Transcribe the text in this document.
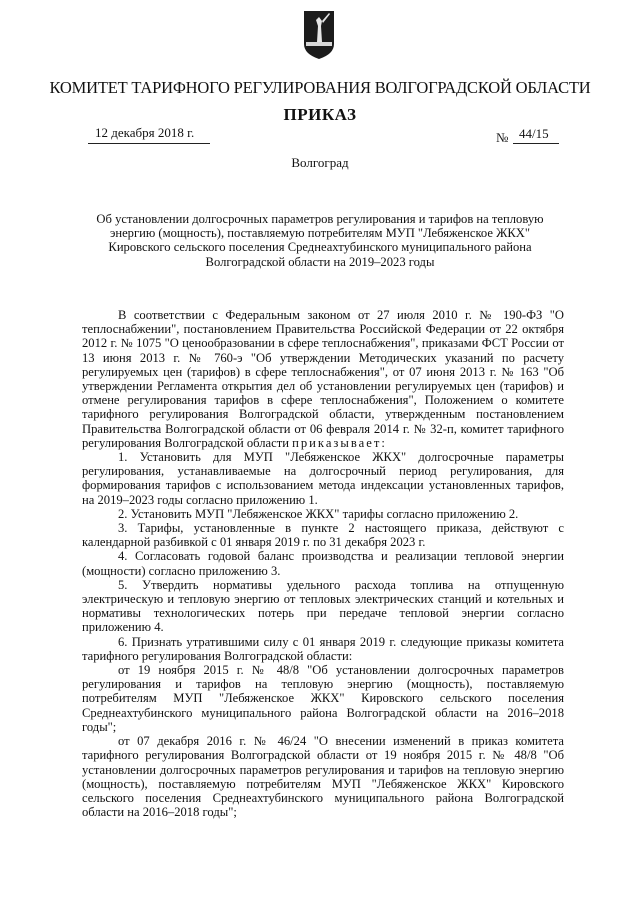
КОМИТЕТ ТАРИФНОГО РЕГУЛИРОВАНИЯ ВОЛГОГРАДСКОЙ ОБЛАСТИ
ПРИКАЗ
12 декабря 2018 г.	№ 44/15
Волгоград
Об установлении долгосрочных параметров регулирования и тарифов на тепловую энергию (мощность), поставляемую потребителям МУП "Лебяженское ЖКХ" Кировского сельского поселения Среднеахтубинского муниципального района Волгоградской области на 2019–2023 годы

В соответствии с Федеральным законом от 27 июля 2010 г. № 190-ФЗ "О теплоснабжении", постановлением Правительства Российской Федерации от 22 октября 2012 г. № 1075 "О ценообразовании в сфере теплоснабжения", приказами ФСТ России от 13 июня 2013 г. № 760-э "Об утверждении Методических указаний по расчету регулируемых цен (тарифов) в сфере теплоснабжения", от 07 июня 2013 г. № 163 "Об утверждении Регламента открытия дел об установлении регулируемых цен (тарифов) и отмене регулирования тарифов в сфере теплоснабжения", Положением о комитете тарифного регулирования Волгоградской области, утвержденным постановлением Правительства Волгоградской области от 06 февраля 2014 г. № 32-п, комитет тарифного регулирования Волгоградской области приказывает:

1. Установить для МУП "Лебяженское ЖКХ" долгосрочные параметры регулирования, устанавливаемые на долгосрочный период регулирования, для формирования тарифов с использованием метода индексации установленных тарифов, на 2019–2023 годы согласно приложению 1.

2. Установить МУП "Лебяженское ЖКХ" тарифы согласно приложению 2.

3. Тарифы, установленные в пункте 2 настоящего приказа, действуют с календарной разбивкой с 01 января 2019 г. по 31 декабря 2023 г.

4. Согласовать годовой баланс производства и реализации тепловой энергии (мощности) согласно приложению 3.

5. Утвердить нормативы удельного расхода топлива на отпущенную электрическую и тепловую энергию от тепловых электрических станций и котельных и нормативы технологических потерь при передаче тепловой энергии согласно приложению 4.

6. Признать утратившими силу с 01 января 2019 г. следующие приказы комитета тарифного регулирования Волгоградской области:

от 19 ноября 2015 г. № 48/8 "Об установлении долгосрочных параметров регулирования и тарифов на тепловую энергию (мощность), поставляемую потребителям МУП "Лебяженское ЖКХ" Кировского сельского поселения Среднеахтубинского муниципального района Волгоградской области на 2016–2018 годы";

от 07 декабря 2016 г. № 46/24 "О внесении изменений в приказ комитета тарифного регулирования Волгоградской области от 19 ноября 2015 г. № 48/8 "Об установлении долгосрочных параметров регулирования и тарифов на тепловую энергию (мощность), поставляемую потребителям МУП "Лебяженское ЖКХ" Кировского сельского поселения Среднеахтубинского муниципального района Волгоградской области на 2016–2018 годы";
